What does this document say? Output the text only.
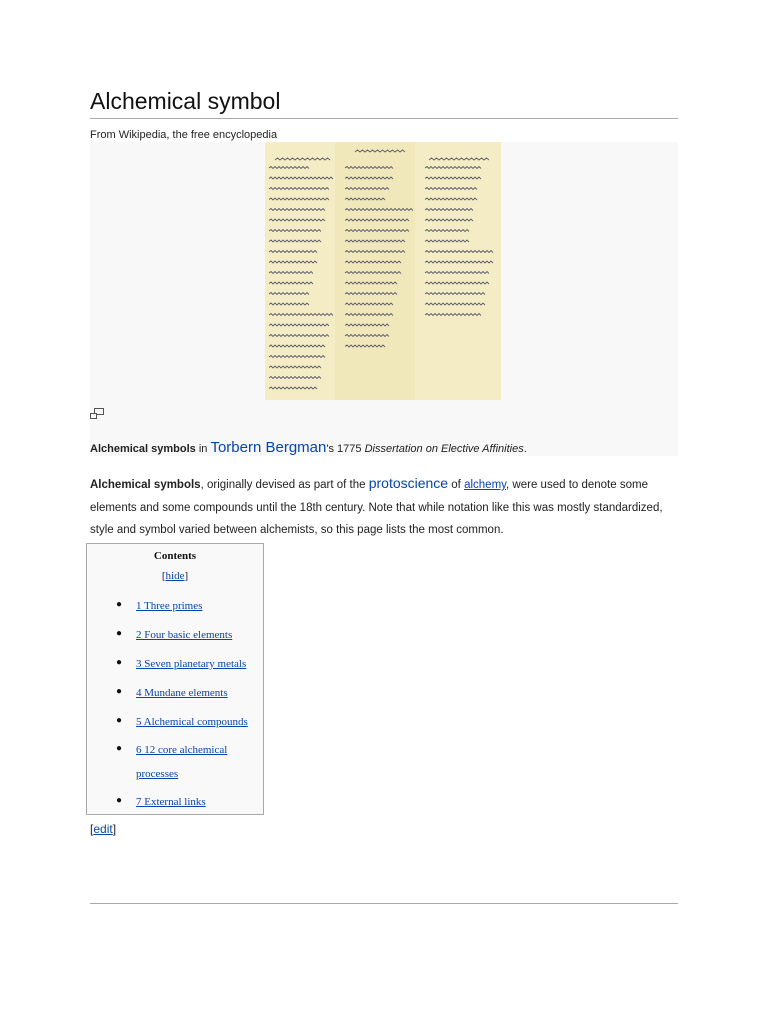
Alchemical symbol
From Wikipedia, the free encyclopedia
Alchemical symbols in Torbern Bergman's 1775 Dissertation on Elective Affinities.
Alchemical symbols, originally devised as part of the protoscience of alchemy, were used to denote some elements and some compounds until the 18th century. Note that while notation like this was mostly standardized, style and symbol varied between alchemists, so this page lists the most common.
Contents
[hide]
● 1 Three primes
● 2 Four basic elements
● 3 Seven planetary metals
● 4 Mundane elements
● 5 Alchemical compounds
● 6 12 core alchemical processes
● 7 External links
[edit]
